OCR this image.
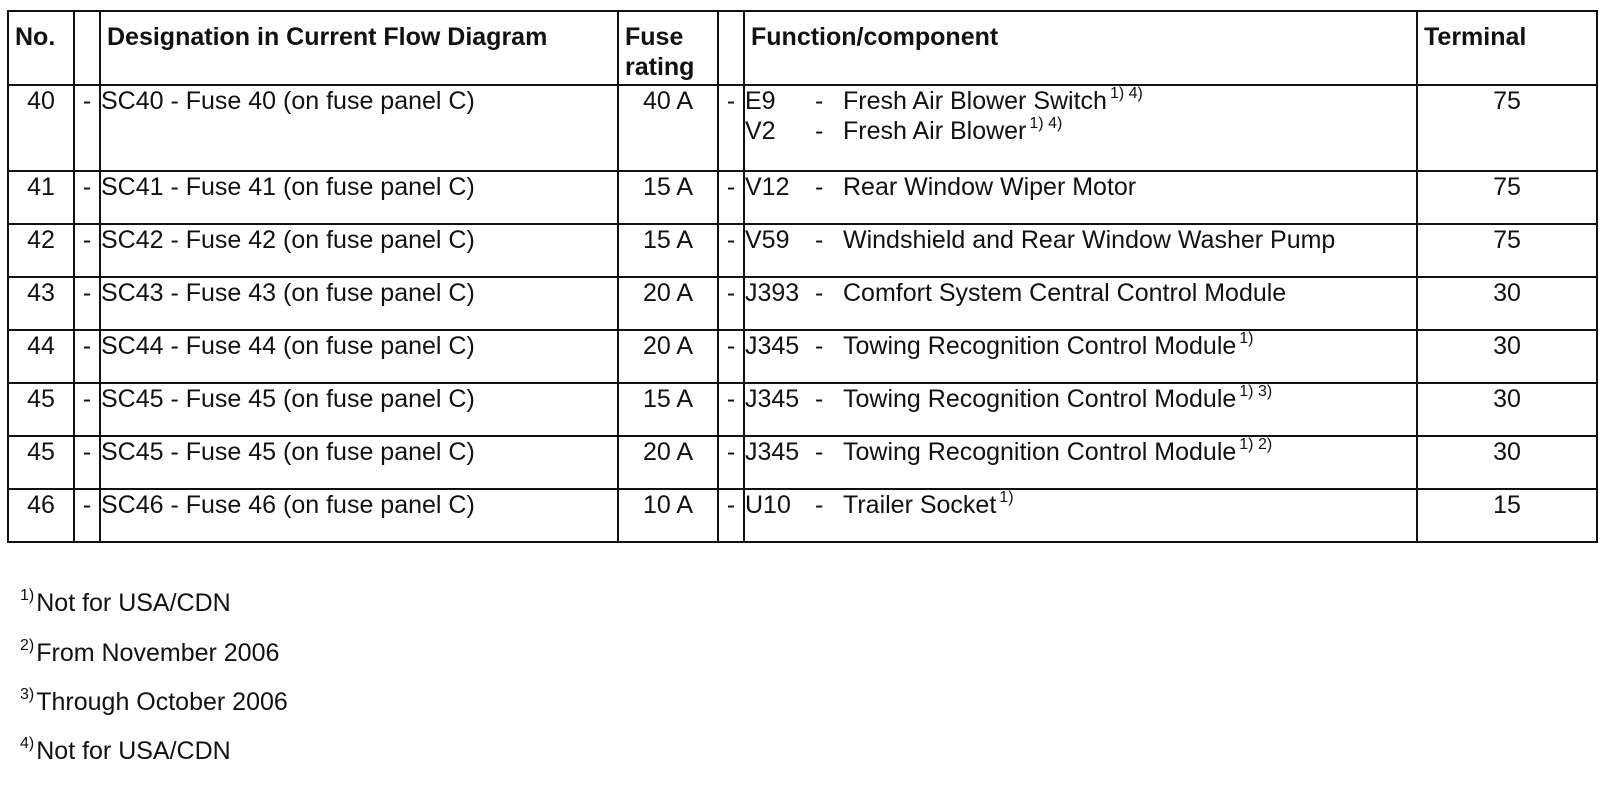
No.		Designation in Current Flow Diagram	Fuse rating		Function/component	Terminal
40	-	SC40 - Fuse 40 (on fuse panel C)	40 A	-	E9 - Fresh Air Blower Switch $^{1) 4)}$
V2 - Fresh Air Blower $^{1) 4)}$	75
41	-	SC41 - Fuse 41 (on fuse panel C)	15 A	-	V12 - Rear Window Wiper Motor	75
42	-	SC42 - Fuse 42 (on fuse panel C)	15 A	-	V59 - Windshield and Rear Window Washer Pump	75
43	-	SC43 - Fuse 43 (on fuse panel C)	20 A	-	J393 - Comfort System Central Control Module	30
44	-	SC44 - Fuse 44 (on fuse panel C)	20 A	-	J345 - Towing Recognition Control Module $^{1)}$	30
45	-	SC45 - Fuse 45 (on fuse panel C)	15 A	-	J345 - Towing Recognition Control Module $^{1) 3)}$	30
45	-	SC45 - Fuse 45 (on fuse panel C)	20 A	-	J345 - Towing Recognition Control Module $^{1) 2)}$	30
46	-	SC46 - Fuse 46 (on fuse panel C)	10 A	-	U10 - Trailer Socket $^{1)}$	15
$^{1)}$Not for USA/CDN
$^{2)}$From November 2006
$^{3)}$Through October 2006
$^{4)}$Not for USA/CDN
